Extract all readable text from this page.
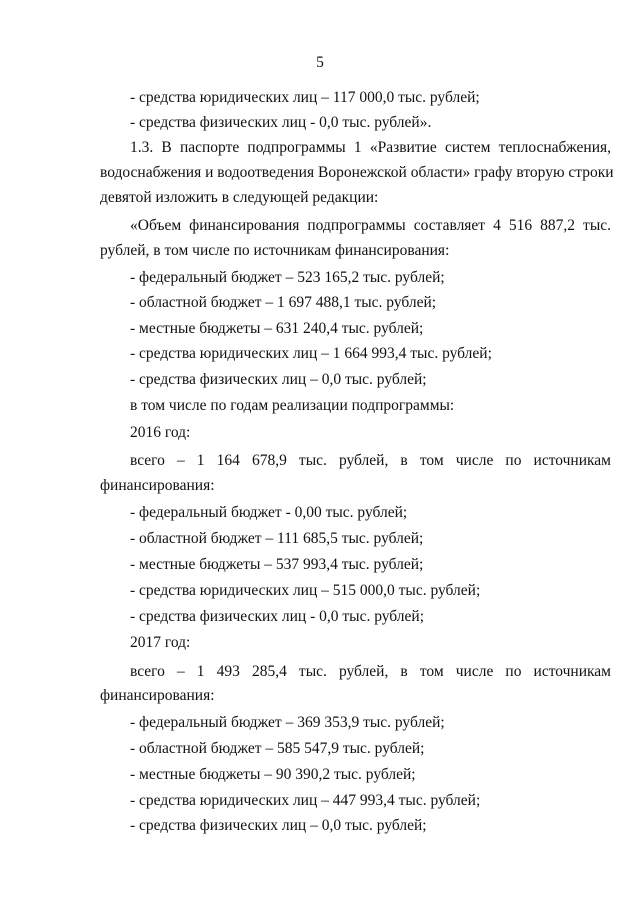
5
- средства юридических лиц – 117 000,0 тыс. рублей;
- средства физических лиц - 0,0 тыс. рублей».
1.3. В паспорте подпрограммы 1 «Развитие систем теплоснабжения,
водоснабжения и водоотведения Воронежской области» графу вторую строки
девятой изложить в следующей редакции:
«Объем финансирования подпрограммы составляет 4 516 887,2 тыс.
рублей, в том числе по источникам финансирования:
- федеральный бюджет – 523 165,2 тыс. рублей;
- областной бюджет – 1 697 488,1 тыс. рублей;
- местные бюджеты – 631 240,4 тыс. рублей;
- средства юридических лиц – 1 664 993,4 тыс. рублей;
- средства физических лиц – 0,0 тыс. рублей;
в том числе по годам реализации подпрограммы:
2016 год:
всего – 1 164 678,9 тыс. рублей, в том числе по источникам
финансирования:
- федеральный бюджет - 0,00 тыс. рублей;
- областной бюджет – 111 685,5 тыс. рублей;
- местные бюджеты – 537 993,4 тыс. рублей;
- средства юридических лиц – 515 000,0 тыс. рублей;
- средства физических лиц - 0,0 тыс. рублей;
2017 год:
всего – 1 493 285,4 тыс. рублей, в том числе по источникам
финансирования:
- федеральный бюджет – 369 353,9 тыс. рублей;
- областной бюджет – 585 547,9 тыс. рублей;
- местные бюджеты – 90 390,2 тыс. рублей;
- средства юридических лиц – 447 993,4 тыс. рублей;
- средства физических лиц – 0,0 тыс. рублей;
